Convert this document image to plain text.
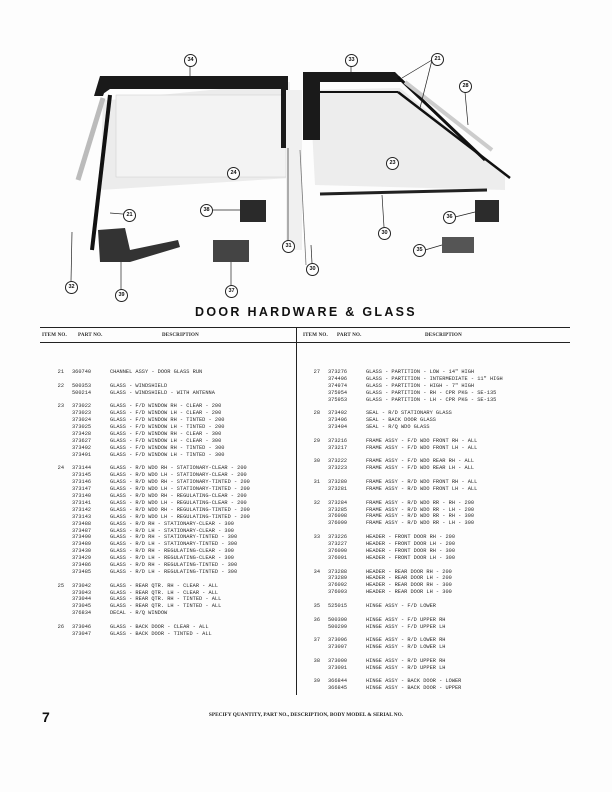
34	33	21
28
24
23
21
38
31
32
39
37
30
36
35
30
DOOR HARDWARE & GLASS
ITEM NO. PART NO.	DESCRIPTION	ITEM NO. PART NO.	DESCRIPTION
21	360740	CHANNEL ASSY - DOOR GLASS RUN
22	500353	GLASS - WINDSHIELD
500214	GLASS - WINDSHIELD - WITH ANTENNA
23	373022	GLASS - F/D WINDOW RH - CLEAR - 200
373023	GLASS - F/D WINDOW LH - CLEAR - 200
373024	GLASS - F/D WINDOW RH - TINTED - 200
373025	GLASS - F/D WINDOW LH - TINTED - 200
373428	GLASS - F/D WINDOW RH - CLEAR - 300
373627	GLASS - F/D WINDOW LH - CLEAR - 300
373492	GLASS - F/D WINDOW RH - TINTED - 300
373491	GLASS - F/D WINDOW LH - TINTED - 300
24	373144	GLASS - R/D WDO RH - STATIONARY-CLEAR - 200
373145	GLASS - R/D WDO LH - STATIONARY-CLEAR - 200
373146	GLASS - R/D WDO RH - STATIONARY-TINTED - 200
373147	GLASS - R/D WDO LH - STATIONARY-TINTED - 200
373140	GLASS - R/D WDO RH - REGULATING-CLEAR - 200
373141	GLASS - R/D WDO LH - REGULATING-CLEAR - 200
373142	GLASS - R/D WDO RH - REGULATING-TINTED - 200
373143	GLASS - R/D WDO LH - REGULATING-TINTED - 200
373488	GLASS - R/D RH - STATIONARY-CLEAR - 300
373487	GLASS - R/D LH - STATIONARY-CLEAR - 300
373490	GLASS - R/D RH - STATIONARY-TINTED - 300
373489	GLASS - R/D LH - STATIONARY-TINTED - 300
373430	GLASS - R/D RH - REGULATING-CLEAR - 300
373429	GLASS - R/D LH - REGULATING-CLEAR - 300
373486	GLASS - R/D RH - REGULATING-TINTED - 300
373485	GLASS - R/D LH - REGULATING-TINTED - 300
25	373042	GLASS - REAR QTR. RH - CLEAR - ALL
373043	GLASS - REAR QTR. LH - CLEAR - ALL
373044	GLASS - REAR QTR. RH - TINTED - ALL
373045	GLASS - REAR QTR. LH - TINTED - ALL
376834	DECAL - R/Q WINDOW
26	373046	GLASS - BACK DOOR - CLEAR - ALL
373047	GLASS - BACK DOOR - TINTED - ALL
27	373276	GLASS - PARTITION - LOW - 14" HIGH
374496	GLASS - PARTITION - INTERMEDIATE - 11" HIGH
374974	GLASS - PARTITION - HIGH - 7" HIGH
375954	GLASS - PARTITION - RH - CPR PKG - SE-135
375953	GLASS - PARTITION - LH - CPR PKG - SE-135
28	373402	SEAL - R/D STATIONARY GLASS
373406	SEAL - BACK DOOR GLASS
373404	SEAL - R/Q WDO GLASS
29	373216	FRAME ASSY - F/D WDO FRONT RH - ALL
373217	FRAME ASSY - F/D WDO FRONT LH - ALL
30	373222	FRAME ASSY - F/D WDO REAR RH - ALL
373223	FRAME ASSY - F/D WDO REAR LH - ALL
31	373280	FRAME ASSY - R/D WDO FRONT RH - ALL
373281	FRAME ASSY - R/D WDO FRONT LH - ALL
32	373284	FRAME ASSY - R/D WDO RR - RH - 200
373285	FRAME ASSY - R/D WDO RR - LH - 200
376098	FRAME ASSY - R/D WDO RR - RH - 300
376099	FRAME ASSY - R/D WDO RR - LH - 300
33	373226	HEADER - FRONT DOOR RH - 200
373227	HEADER - FRONT DOOR LH - 200
376090	HEADER - FRONT DOOR RH - 300
376091	HEADER - FRONT DOOR LH - 300
34	373288	HEADER - REAR DOOR RH - 200
373289	HEADER - REAR DOOR LH - 200
376092	HEADER - REAR DOOR RH - 300
376093	HEADER - REAR DOOR LH - 300
35	525015	HINGE ASSY - F/D LOWER
36	500300	HINGE ASSY - F/D UPPER RH
500299	HINGE ASSY - F/D UPPER LH
37	373006	HINGE ASSY - R/D LOWER RH
373007	HINGE ASSY - R/D LOWER LH
38	373000	HINGE ASSY - R/D UPPER RH
373001	HINGE ASSY - R/D UPPER LH
39	366844	HINGE ASSY - BACK DOOR - LOWER
366845	HINGE ASSY - BACK DOOR - UPPER
7	SPECIFY QUANTITY, PART NO., DESCRIPTION, BODY MODEL & SERIAL NO.
